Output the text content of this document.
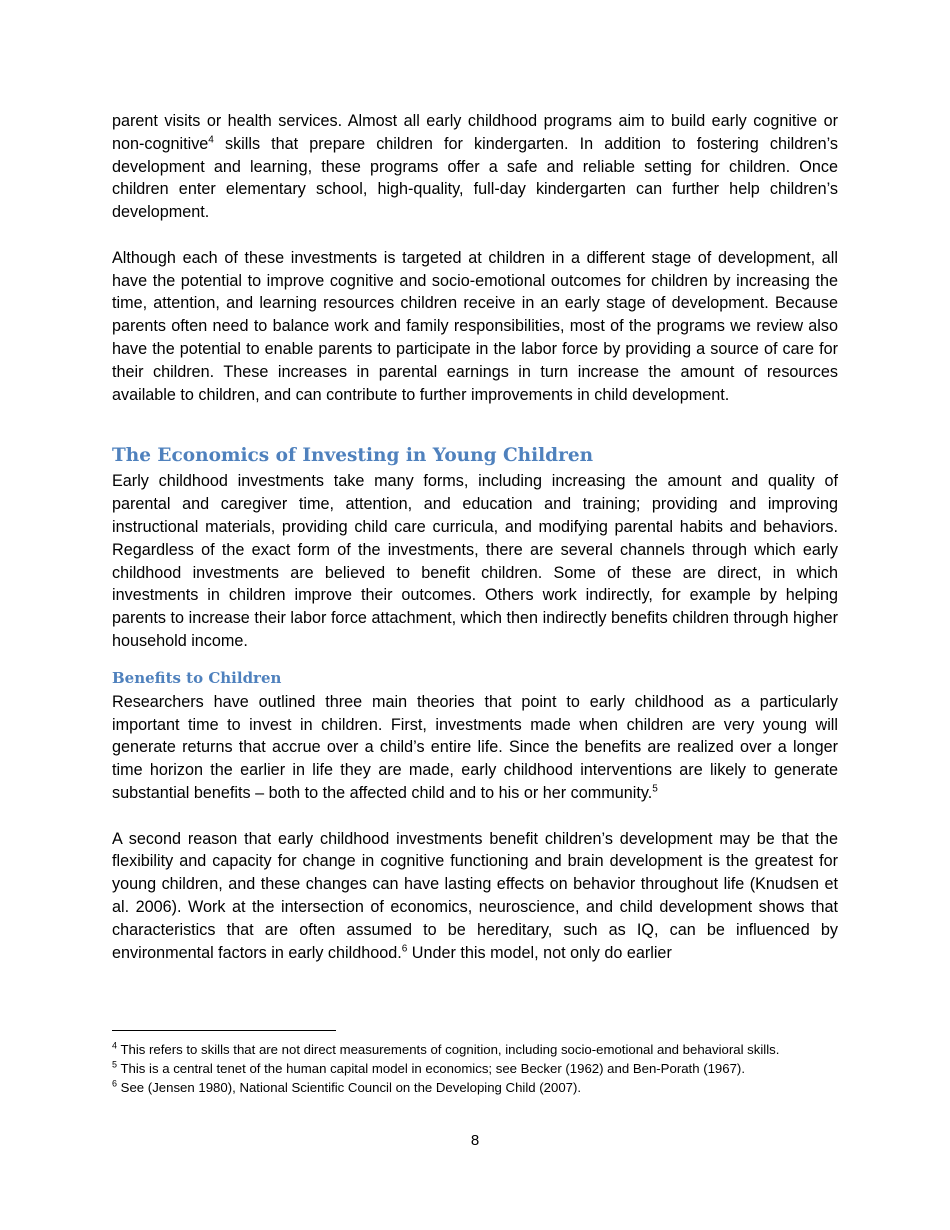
parent visits or health services. Almost all early childhood programs aim to build early cognitive or non-cognitive$^4$ skills that prepare children for kindergarten. In addition to fostering children’s development and learning, these programs offer a safe and reliable setting for children. Once children enter elementary school, high-quality, full-day kindergarten can further help children’s development.

Although each of these investments is targeted at children in a different stage of development, all have the potential to improve cognitive and socio-emotional outcomes for children by increasing the time, attention, and learning resources children receive in an early stage of development. Because parents often need to balance work and family responsibilities, most of the programs we review also have the potential to enable parents to participate in the labor force by providing a source of care for their children. These increases in parental earnings in turn increase the amount of resources available to children, and can contribute to further improvements in child development.

The Economics of Investing in Young Children

Early childhood investments take many forms, including increasing the amount and quality of parental and caregiver time, attention, and education and training; providing and improving instructional materials, providing child care curricula, and modifying parental habits and behaviors. Regardless of the exact form of the investments, there are several channels through which early childhood investments are believed to benefit children. Some of these are direct, in which investments in children improve their outcomes. Others work indirectly, for example by helping parents to increase their labor force attachment, which then indirectly benefits children through higher household income.

Benefits to Children

Researchers have outlined three main theories that point to early childhood as a particularly important time to invest in children. First, investments made when children are very young will generate returns that accrue over a child’s entire life. Since the benefits are realized over a longer time horizon the earlier in life they are made, early childhood interventions are likely to generate substantial benefits – both to the affected child and to his or her community.$^5$

A second reason that early childhood investments benefit children’s development may be that the flexibility and capacity for change in cognitive functioning and brain development is the greatest for young children, and these changes can have lasting effects on behavior throughout life (Knudsen et al. 2006). Work at the intersection of economics, neuroscience, and child development shows that characteristics that are often assumed to be hereditary, such as IQ, can be influenced by environmental factors in early childhood.$^6$ Under this model, not only do earlier

$^4$ This refers to skills that are not direct measurements of cognition, including socio-emotional and behavioral skills.
$^5$ This is a central tenet of the human capital model in economics; see Becker (1962) and Ben-Porath (1967).
$^6$ See (Jensen 1980), National Scientific Council on the Developing Child (2007).
8
